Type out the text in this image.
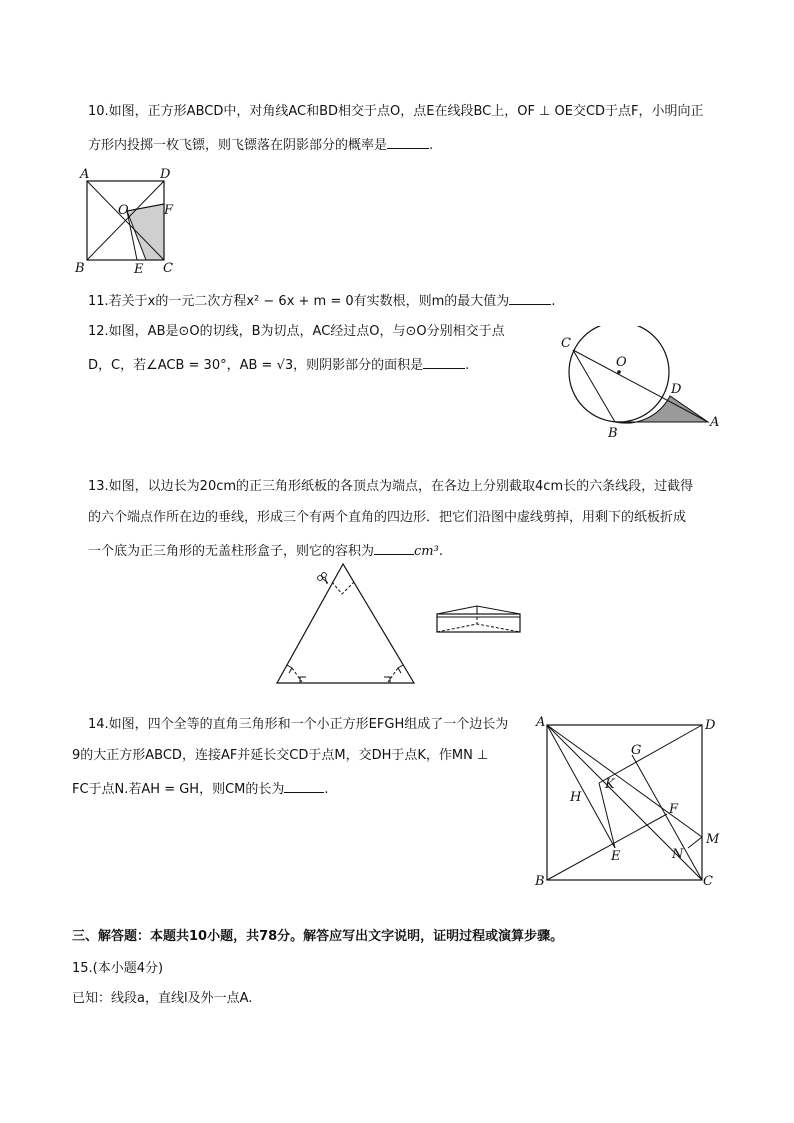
10.如图，正方形ABCD中，对角线AC和BD相交于点O，点E在线段BC上，OF ⊥ OE交CD于点F，小明向正
方形内投掷一枚飞镖，则飞镖落在阴影部分的概率是	.
A	D
O	F
B	E C
11.若关于x的一元二次方程x² − 6x + m = 0有实数根，则m的最大值为	.
12.如图，AB是⊙O的切线，B为切点，AC经过点O，与⊙O分别相交于点
D，C，若∠ACB = 30°，AB = √3，则阴影部分的面积是	.
C
O
D
B
A
13.如图，以边长为20cm的正三角形纸板的各顶点为端点，在各边上分别截取4cm长的六条线段，过截得
的六个端点作所在边的垂线，形成三个有两个直角的四边形．把它们沿图中虚线剪掉，用剩下的纸板折成
一个底为正三角形的无盖柱形盒子，则它的容积为	cm³.
14.如图，四个全等的直角三角形和一个小正方形EFGH组成了一个边长为
9的大正方形ABCD，连接AF并延长交CD于点M，交DH于点K，作MN ⊥
FC于点N.若AH = GH，则CM的长为	.
A	D
G
K
H
F
M
N
E
B	C
三、解答题：本题共10小题，共78分。解答应写出文字说明，证明过程或演算步骤。
15.(本小题4分)
已知：线段a，直线l及外一点A.
